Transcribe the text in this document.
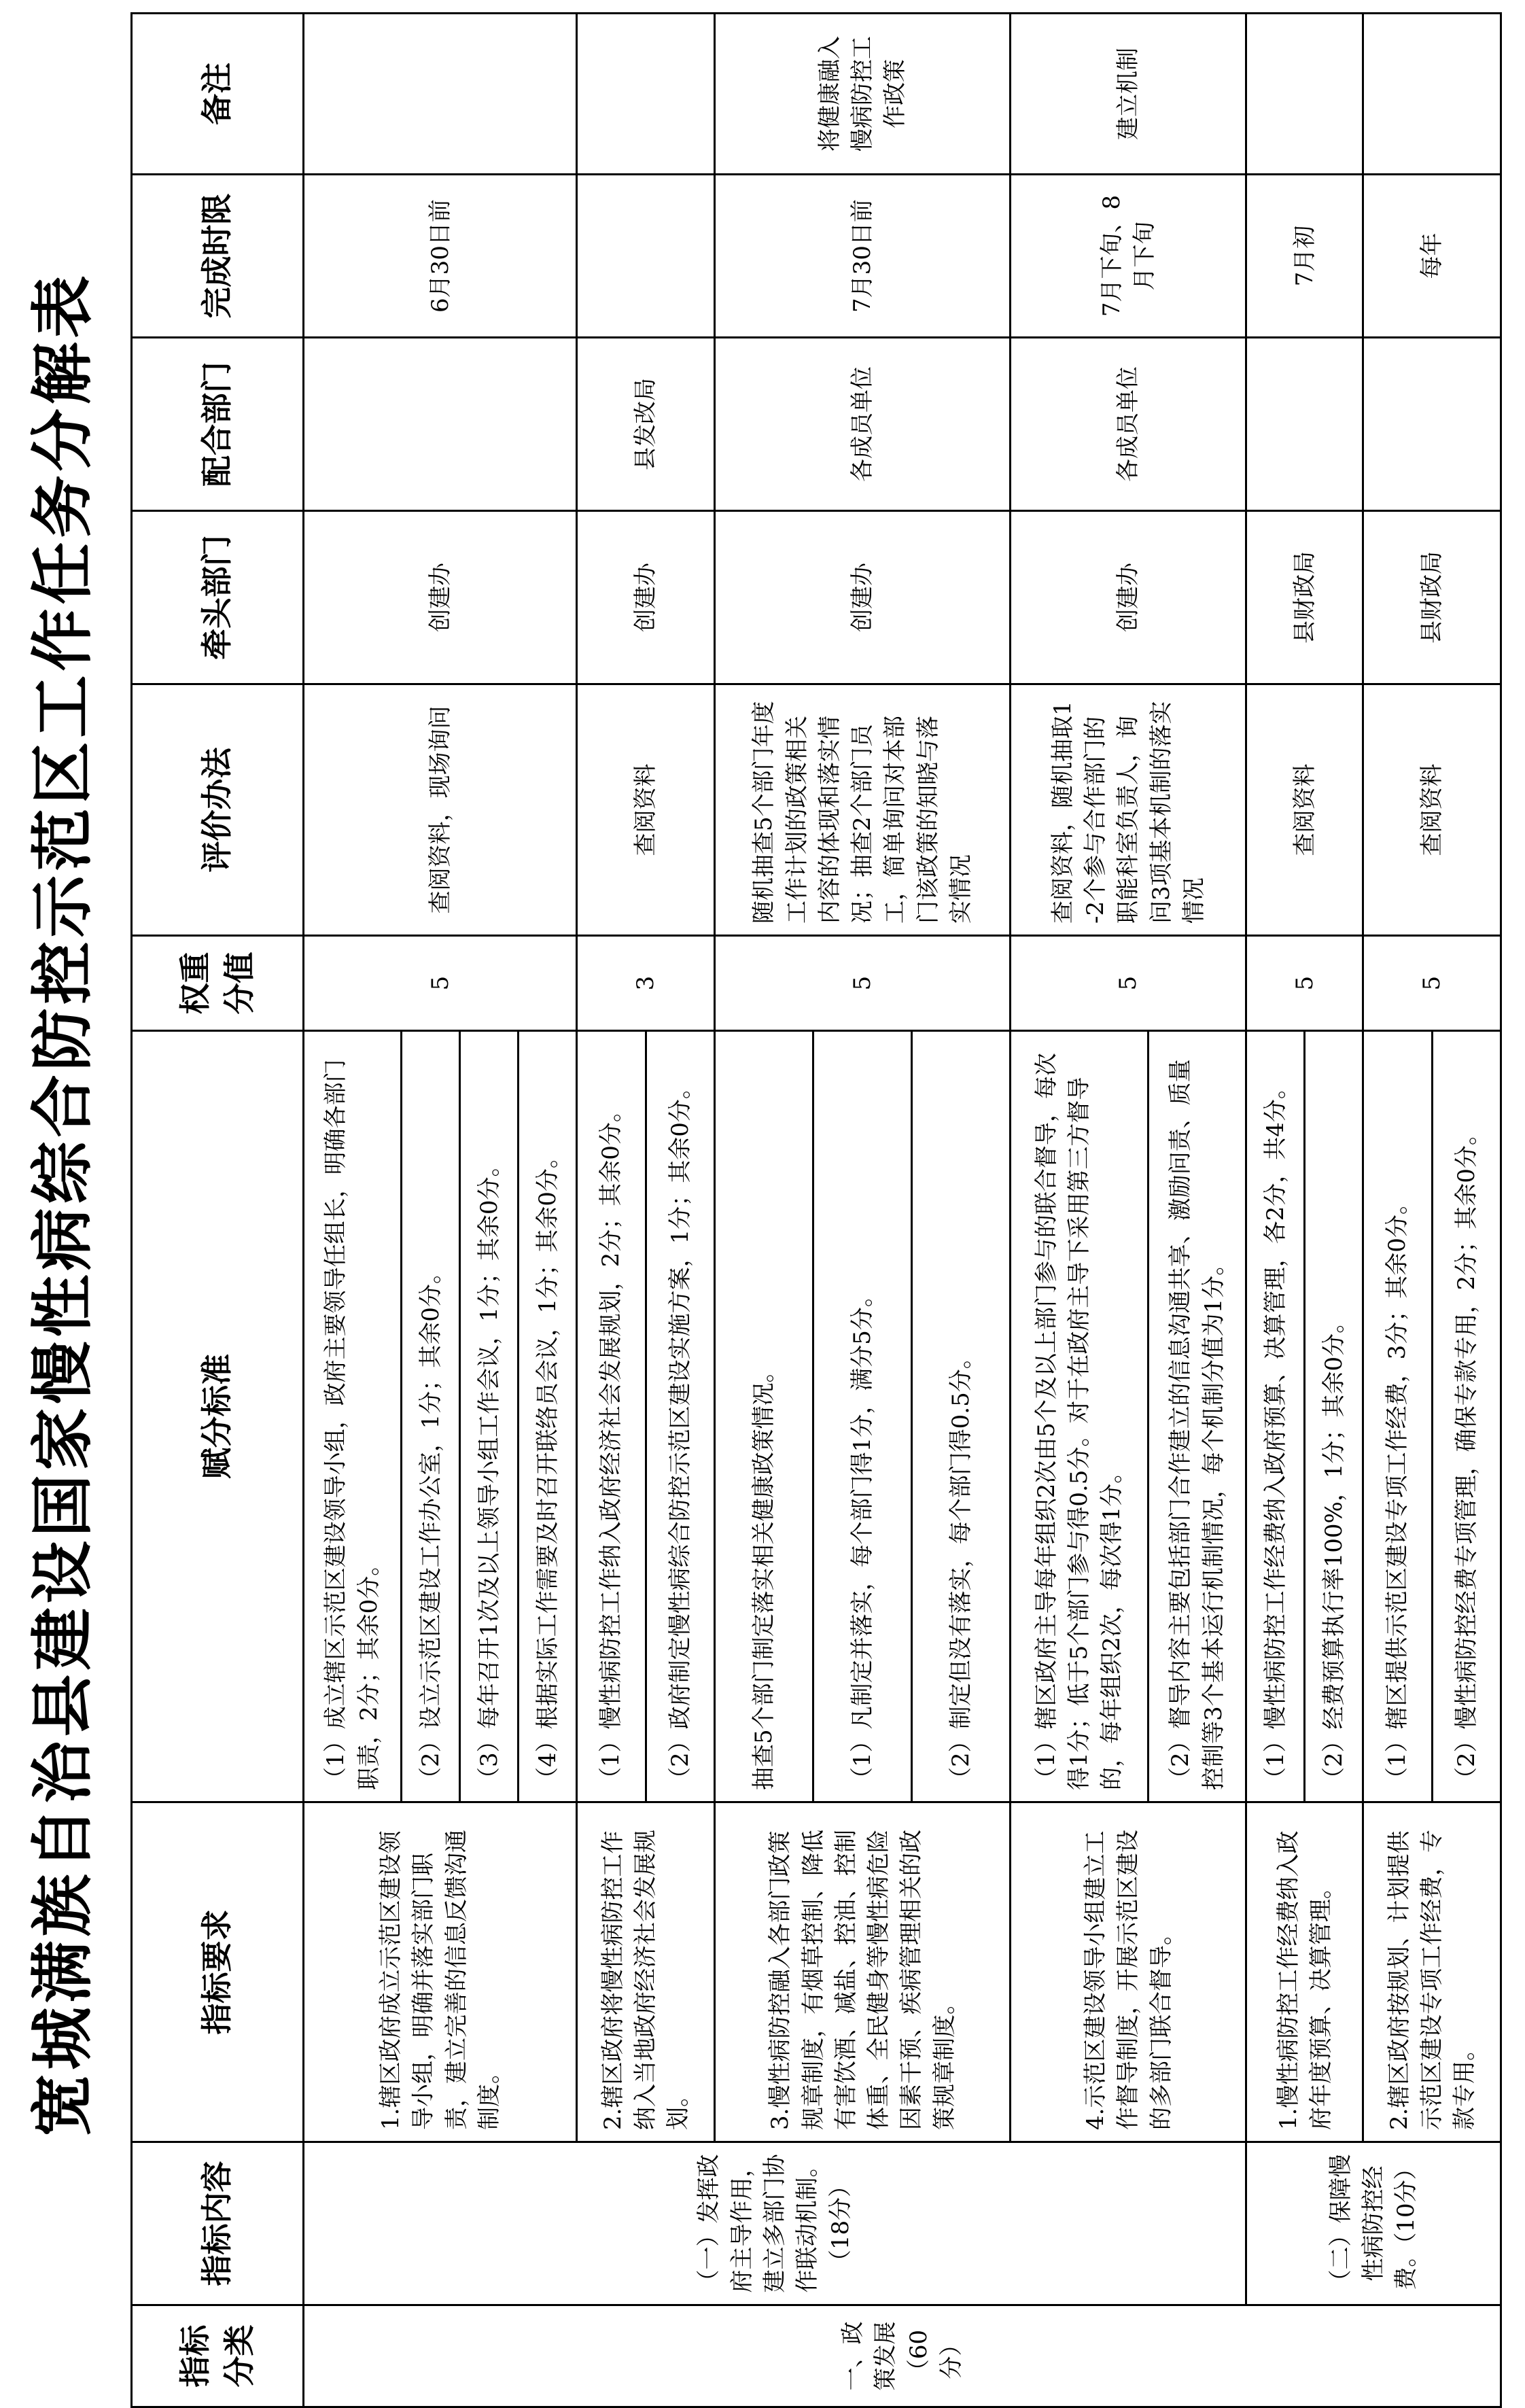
宽城满族自治县建设国家慢性病综合防控示范区工作任务分解表
指标分类	指标内容	指标要求	赋分标准	权重分值	评价办法	牵头部门	配合部门	完成时限	备注
一、政策发展（60分）	（一）发挥政府主导作用，建立多部门协作联动机制。（18分）	1.辖区政府成立示范区建设领导小组，明确并落实部门职责，建立完善的信息反馈沟通制度。	（1）成立辖区示范区建设领导小组，政府主要领导任组长，明确各部门职责，2分；其余0分。	5	查阅资料，现场询问	创建办		6月30日前	
			（2）设立示范区建设工作办公室，1分；其余0分。						
			（3）每年召开1次及以上领导小组工作会议，1分；其余0分。						
			（4）根据实际工作需要及时召开联络员会议，1分；其余0分。						
		2.辖区政府将慢性病防控工作纳入当地政府经济社会发展规划。	（1）慢性病防控工作纳入政府经济社会发展规划，2分；其余0分。	3	查阅资料	创建办	县发改局		
			（2）政府制定慢性病综合防控示范区建设实施方案，1分；其余0分。						
		3.慢性病防控融入各部门政策规章制度，有烟草控制、降低有害饮酒、减盐、控油、控制体重、全民健身等慢性病危险因素干预、疾病管理相关的政策规章制度。	抽查5个部门制定落实相关健康政策情况。	5	随机抽查5个部门年度工作计划的政策相关内容的体现和落实情况；抽查2个部门员工，简单询问对本部门该政策的知晓与落实情况	创建办	各成员单位	7月30日前	将健康融入慢病防控工作政策
			（1）凡制定并落实，每个部门得1分，满分5分。						
			（2）制定但没有落实，每个部门得0.5分。						
		4.示范区建设领导小组建立工作督导制度，开展示范区建设的多部门联合督导。	（1）辖区政府主导每年组织2次由5个及以上部门参与的联合督导，每次得1分；低于5个部门参与得0.5分。对于在政府主导下采用第三方督导的，每年组织2次，每次得1分。	5	查阅资料，随机抽取1-2个参与合作部门的职能科室负责人，询问3项基本机制的落实情况	创建办	各成员单位	7月下旬、8月下旬	建立机制
			（2）督导内容主要包括部门合作建立的信息沟通共享、激励问责、质量控制等3个基本运行机制情况，每个机制分值为1分。						
	（二）保障慢性病防控经费。（10分）	1.慢性病防控工作经费纳入政府年度预算、决算管理。	（1）慢性病防控工作经费纳入政府预算、决算管理，各2分，共4分。	5	查阅资料	县财政局		7月初	
			（2）经费预算执行率100%，1分；其余0分。						
		2.辖区政府按规划、计划提供示范区建设专项工作经费，专款专用。	（1）辖区提供示范区建设专项工作经费，3分；其余0分。	5	查阅资料	县财政局		每年	
			（2）慢性病防控经费专项管理，确保专款专用，2分；其余0分。						
